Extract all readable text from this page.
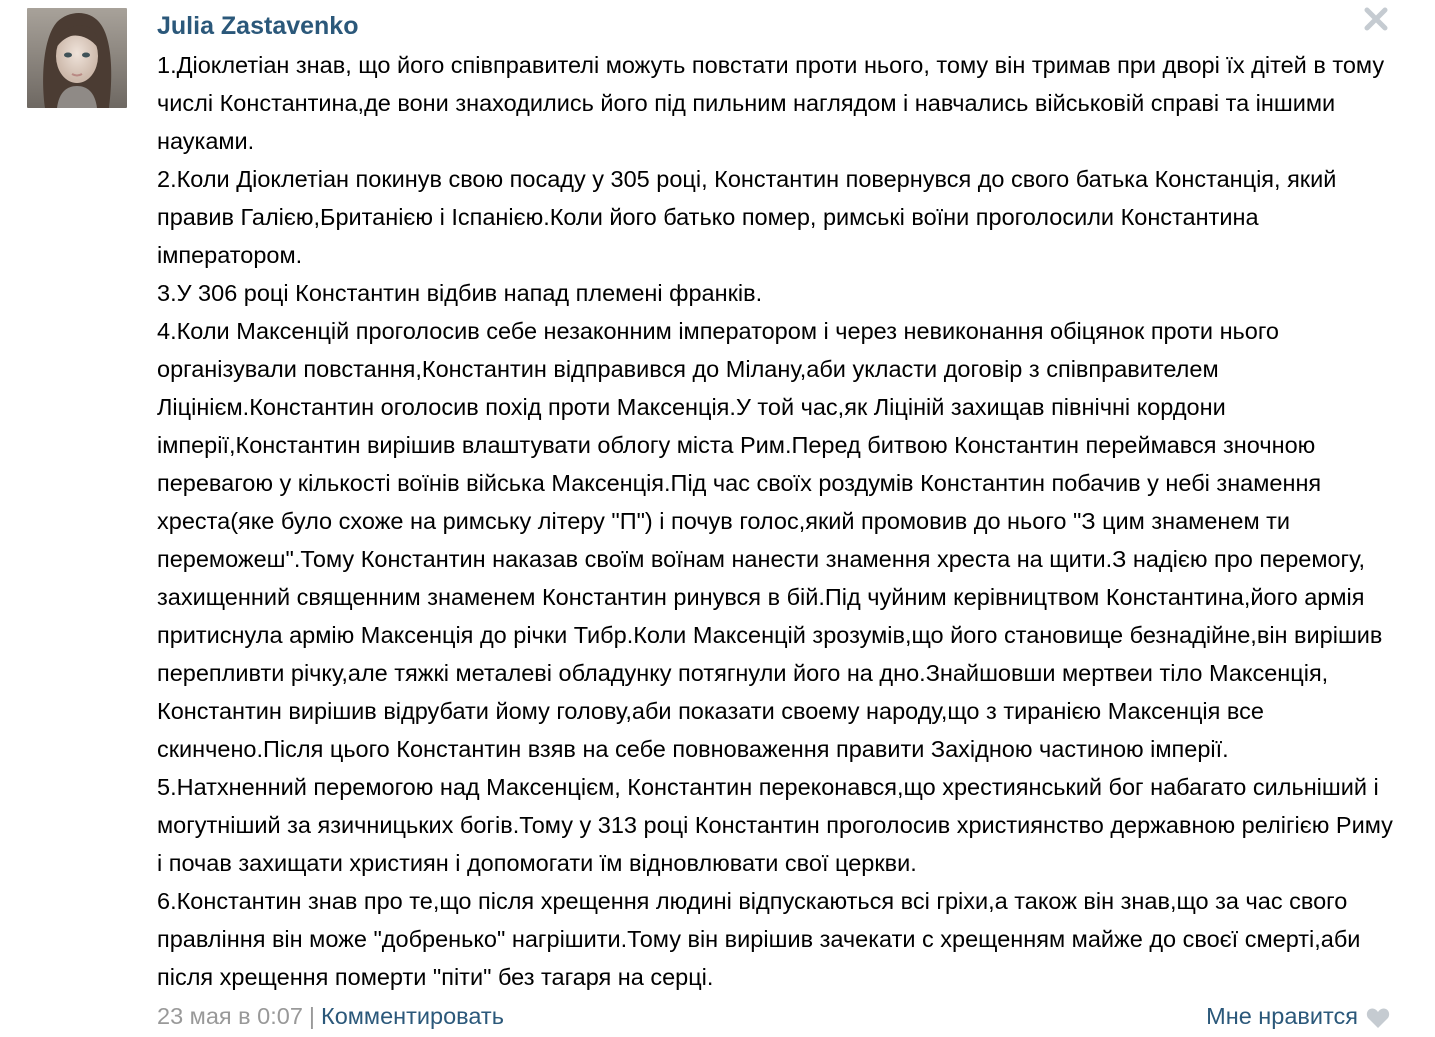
Julia Zastavenko

1.Діоклетіан знав, що його співправителі можуть повстати проти нього, тому він тримав при дворі їх дітей в тому числі Константина,де вони знаходились його під пильним наглядом і навчались військовій справі та іншими науками.

2.Коли Діоклетіан покинув свою посаду у 305 році, Константин повернувся до свого батька Констанція, який правив Галією,Британією і Іспанією.Коли його батько помер, римські воїни проголосили Константина імператором.

3.У 306 році Константин відбив напад племені франків.

4.Коли Максенцій проголосив себе незаконним імператором і через невиконання обіцянок проти нього організували повстання,Константин відправився до Мілану,аби укласти договір з співправителем Ліцінієм.Константин оголосив похід проти Максенція.У той час,як Ліціній захищав північні кордони імперії,Константин вирішив влаштувати облогу міста Рим.Перед битвою Константин переймався зночною перевагою у кількості воїнів війська Максенція.Під час своїх роздумів Константин побачив у небі знамення хреста(яке було схоже на римську літеру "П") і почув голос,який промовив до нього "З цим знаменем ти переможеш".Тому Константин наказав своїм воїнам нанести знамення хреста на щити.З надією про перемогу, захищенний священним знаменем Константин ринувся в бій.Під чуйним керівництвом Константина,його армія притиснула армію Максенція до річки Тибр.Коли Максенцій зрозумів,що його становище безнадійне,він вирішив перепливти річку,але тяжкі металеві обладунку потягнули його на дно.Знайшовши мертвеи тіло Максенція, Константин вирішив відрубати йому голову,аби показати своему народу,що з тиранією Максенція все скинчено.Після цього Константин взяв на себе повноваження правити Західною частиною імперії.

5.Натхненний перемогою над Максенцієм, Константин переконався,що хрестиянський бог набагато сильніший і могутніший за язичницьких богів.Тому у 313 році Константин проголосив християнство державною релігією Риму і почав захищати християн і допомогати їм відновлювати свої церкви.

6.Константин знав про те,що після хрещення людині відпускаються всі гріхи,а також він знав,що за час свого правління він може "добренько" нагрішити.Тому він вирішив зачекати с хрещенням майже до своєї смерті,аби після хрещення померти "піти" без тагаря на серці.

23 мая в 0:07 | Комментировать	Мне нравится
